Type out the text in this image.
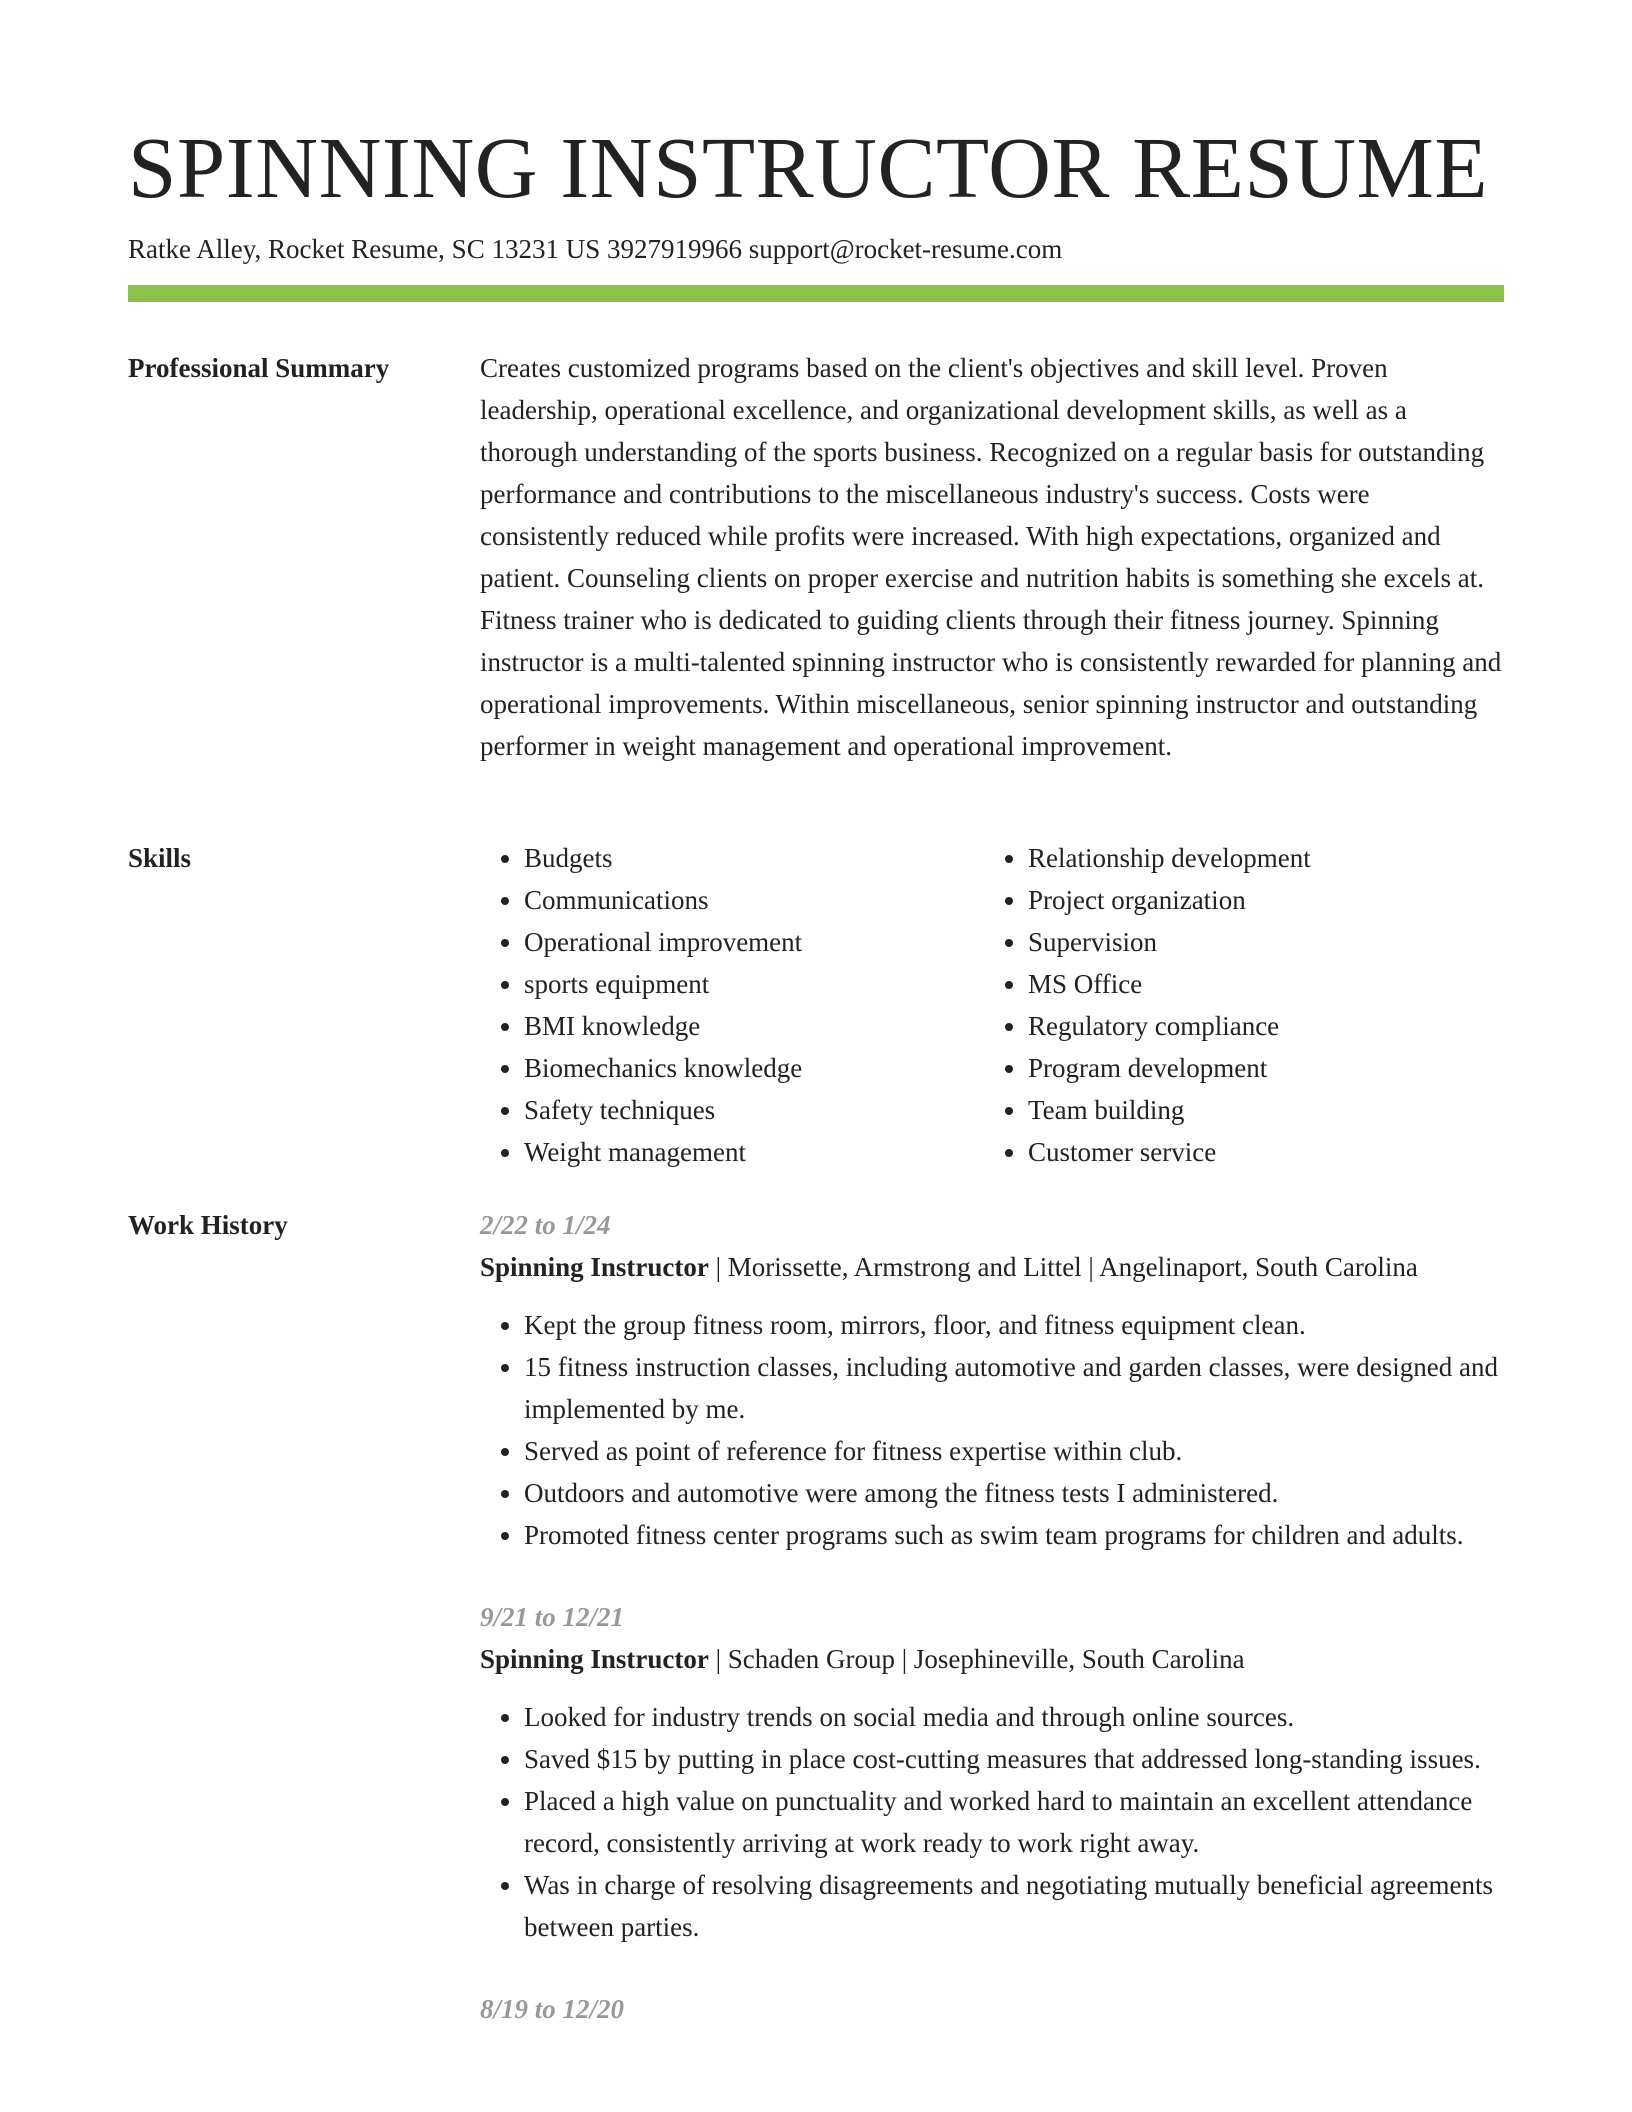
SPINNING INSTRUCTOR RESUME
Ratke Alley, Rocket Resume, SC 13231 US 3927919966 support@rocket-resume.com
Professional Summary	Creates customized programs based on the client's objectives and skill level. Proven leadership, operational excellence, and organizational development skills, as well as a thorough understanding of the sports business. Recognized on a regular basis for outstanding performance and contributions to the miscellaneous industry's success. Costs were consistently reduced while profits were increased. With high expectations, organized and patient. Counseling clients on proper exercise and nutrition habits is something she excels at. Fitness trainer who is dedicated to guiding clients through their fitness journey. Spinning instructor is a multi-talented spinning instructor who is consistently rewarded for planning and operational improvements. Within miscellaneous, senior spinning instructor and outstanding performer in weight management and operational improvement.

Skills
•	Budgets
• Communications
• Operational improvement
• sports equipment
• BMI knowledge
• Biomechanics knowledge
• Safety techniques
• Weight management
• Relationship development
• Project organization
• Supervision
• MS Office
• Regulatory compliance
• Program development
• Team building
• Customer service
Work History	2/22 to 1/24
Spinning Instructor | Morissette, Armstrong and Littel | Angelinaport, South Carolina
• Kept the group fitness room, mirrors, floor, and fitness equipment clean.
• 15 fitness instruction classes, including automotive and garden classes, were designed and implemented by me.
• Served as point of reference for fitness expertise within club.
• Outdoors and automotive were among the fitness tests I administered.
• Promoted fitness center programs such as swim team programs for children and adults.
9/21 to 12/21
Spinning Instructor | Schaden Group | Josephineville, South Carolina
• Looked for industry trends on social media and through online sources.
• Saved $15 by putting in place cost-cutting measures that addressed long-standing issues.
• Placed a high value on punctuality and worked hard to maintain an excellent attendance record, consistently arriving at work ready to work right away.
• Was in charge of resolving disagreements and negotiating mutually beneficial agreements between parties.
8/19 to 12/20
